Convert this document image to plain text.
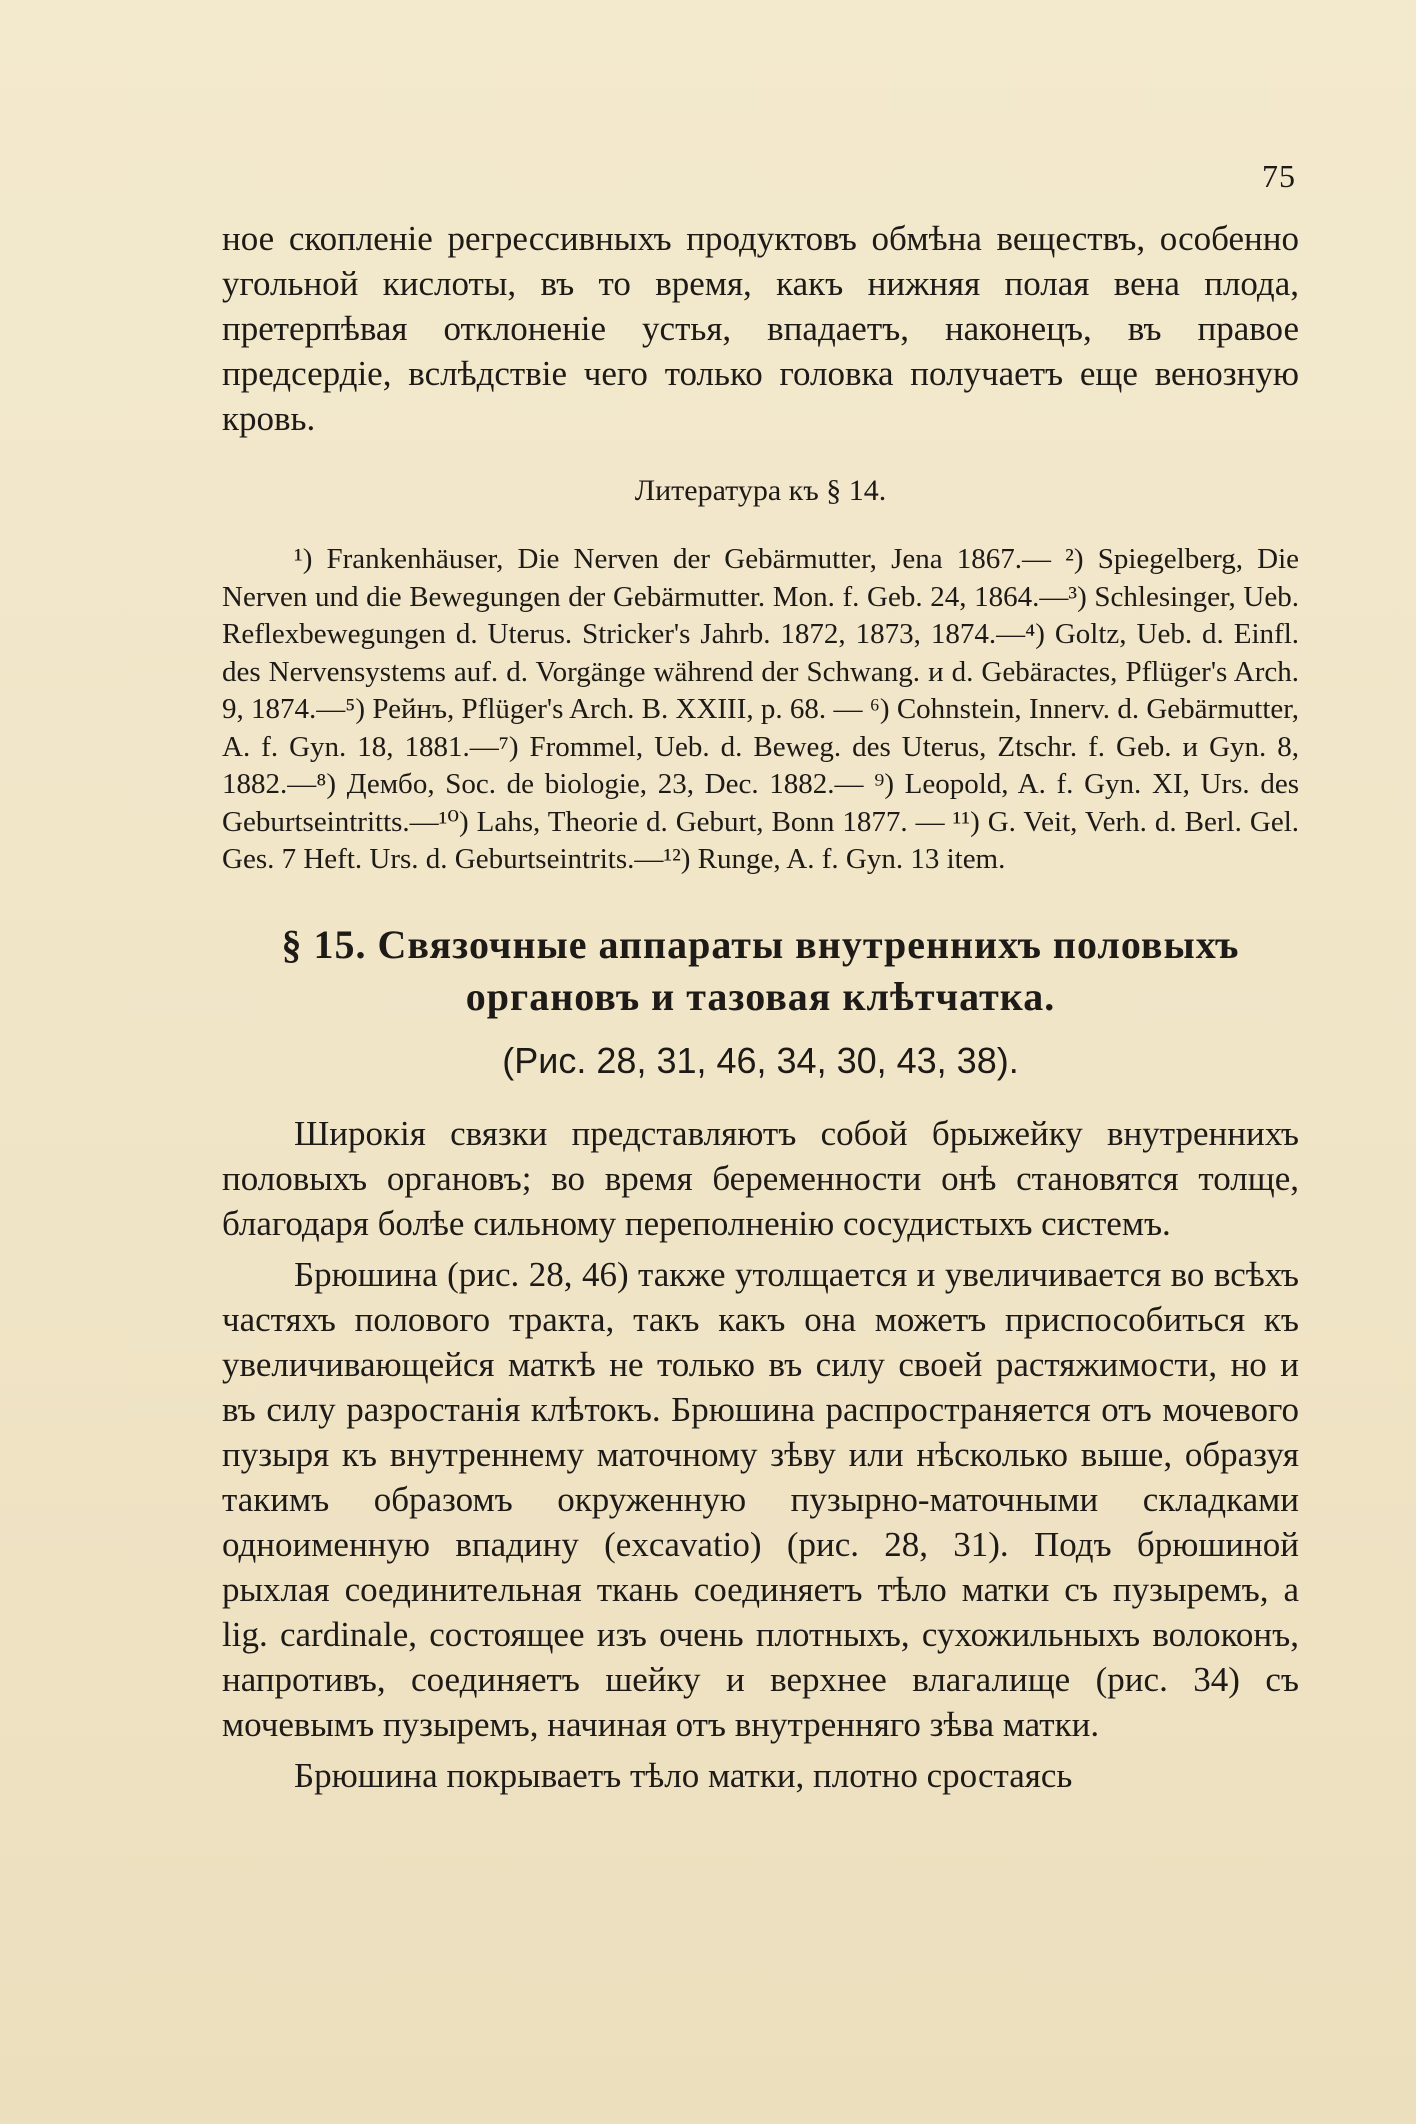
75

ное скопленіе регрессивныхъ продуктовъ обмѣна веществъ, особенно угольной кислоты, въ то время, какъ нижняя полая вена плода, претерпѣвая отклоненіе устья, впадаетъ, наконецъ, въ правое предсердіе, вслѣдствіе чего только головка получаетъ еще венозную кровь.

Литература къ § 14.

¹) Frankenhäuser, Die Nerven der Gebärmutter, Jena 1867.— ²) Spiegelberg, Die Nerven und die Bewegungen der Gebärmutter. Mon. f. Geb. 24, 1864.—³) Schlesinger, Ueb. Reflexbewegungen d. Uterus. Stricker's Jahrb. 1872, 1873, 1874.—⁴) Goltz, Ueb. d. Einfl. des Nervensystems auf. d. Vorgänge während der Schwang. и d. Gebäractes, Pflüger's Arch. 9, 1874.—⁵) Рейнъ, Pflüger's Arch. B. XXIII, p. 68. — ⁶) Cohnstein, Innerv. d. Gebärmutter, A. f. Gyn. 18, 1881.—⁷) Frommel, Ueb. d. Beweg. des Uterus, Ztschr. f. Geb. и Gyn. 8, 1882.—⁸) Дембо, Soc. de biologie, 23, Dec. 1882.— ⁹) Leopold, A. f. Gyn. XI, Urs. des Geburtseintritts.—¹⁰) Lahs, Theorie d. Geburt, Bonn 1877. — ¹¹) G. Veit, Verh. d. Berl. Gel. Ges. 7 Heft. Urs. d. Geburtseintrits.—¹²) Runge, A. f. Gyn. 13 item.

§ 15. Связочные аппараты внутреннихъ половыхъ
органовъ и тазовая клѣтчатка.
(Рис. 28, 31, 46, 34, 30, 43, 38).

Широкія связки представляютъ собой брыжейку внутреннихъ половыхъ органовъ; во время беременности онѣ становятся толще, благодаря болѣе сильному переполненію сосудистыхъ системъ.

Брюшина (рис. 28, 46) также утолщается и увеличивается во всѣхъ частяхъ полового тракта, такъ какъ она можетъ приспособиться къ увеличивающейся маткѣ не только въ силу своей растяжимости, но и въ силу разростанія клѣтокъ. Брюшина распространяется отъ мочевого пузыря къ внутреннему маточному зѣву или нѣсколько выше, образуя такимъ образомъ окруженную пузырно-маточными складками одноименную впадину (excavatio) (рис. 28, 31). Подъ брюшиной рыхлая соединительная ткань соединяетъ тѣло матки съ пузыремъ, а lig. cardinale, состоящее изъ очень плотныхъ, сухожильныхъ волоконъ, напротивъ, соединяетъ шейку и верхнее влагалище (рис. 34) съ мочевымъ пузыремъ, начиная отъ внутренняго зѣва матки.

Брюшина покрываетъ тѣло матки, плотно сростаясь
